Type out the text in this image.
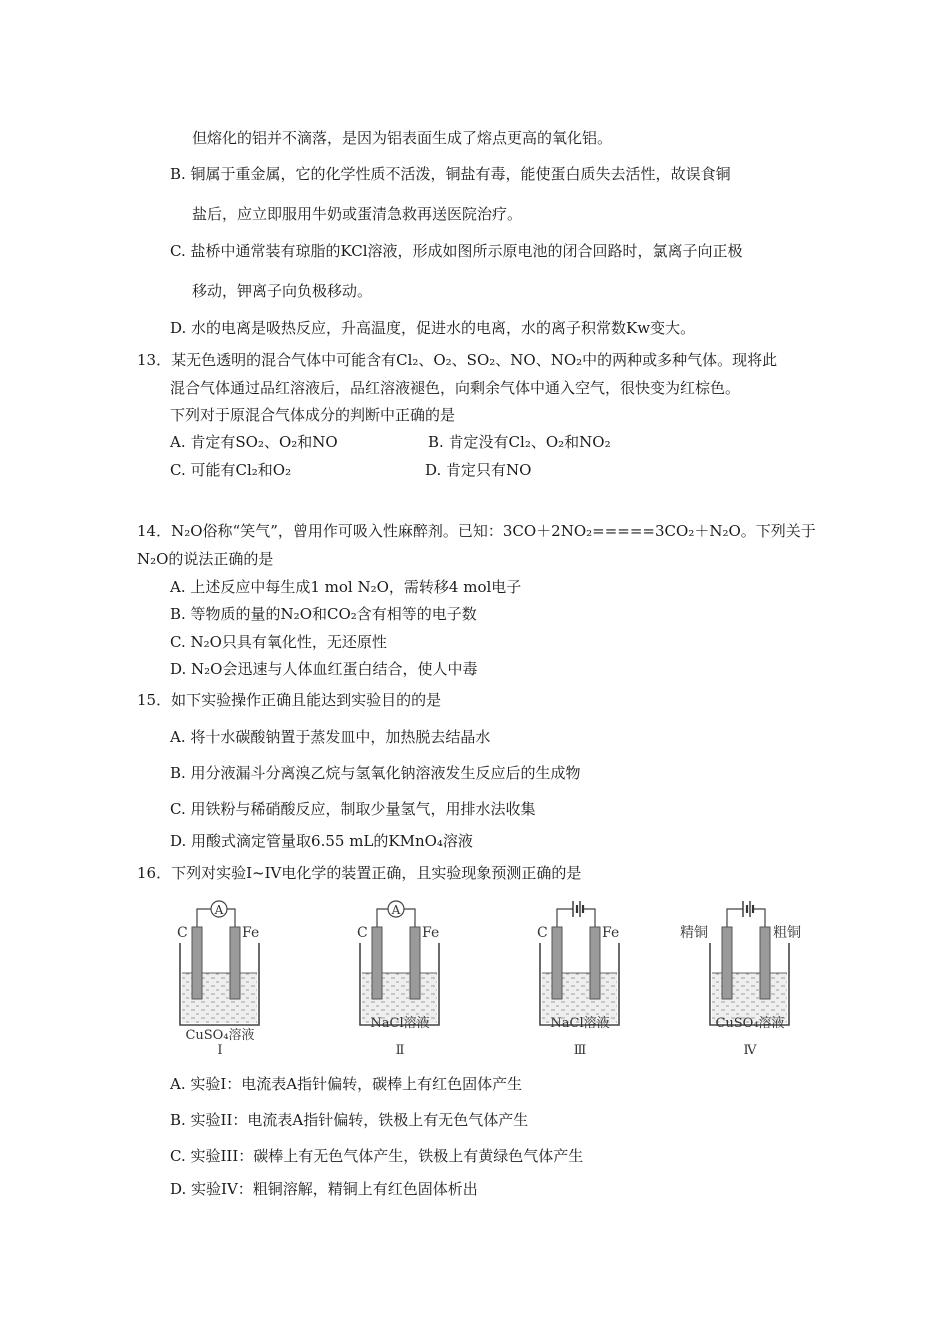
但熔化的铝并不滴落，是因为铝表面生成了熔点更高的氧化铝。
B. 铜属于重金属，它的化学性质不活泼，铜盐有毒，能使蛋白质失去活性，故误食铜
盐后，应立即服用牛奶或蛋清急救再送医院治疗。
C. 盐桥中通常装有琼脂的KCl溶液，形成如图所示原电池的闭合回路时，氯离子向正极
移动，钾离子向负极移动。
D. 水的电离是吸热反应，升高温度，促进水的电离，水的离子积常数Kw变大。
13．某无色透明的混合气体中可能含有Cl₂、O₂、SO₂、NO、NO₂中的两种或多种气体。现将此
混合气体通过品红溶液后，品红溶液褪色，向剩余气体中通入空气，很快变为红棕色。
下列对于原混合气体成分的判断中正确的是
A. 肯定有SO₂、O₂和NO	B. 肯定没有Cl₂、O₂和NO₂
C. 可能有Cl₂和O₂	D. 肯定只有NO
14．N₂O俗称“笑气”，曾用作可吸入性麻醉剂。已知：3CO＋2NO₂=====3CO₂＋N₂O。下列关于
N₂O的说法正确的是
A. 上述反应中每生成1 mol N₂O，需转移4 mol电子
B. 等物质的量的N₂O和CO₂含有相等的电子数
C. N₂O只具有氧化性，无还原性
D. N₂O会迅速与人体血红蛋白结合，使人中毒
15．如下实验操作正确且能达到实验目的的是
A. 将十水碳酸钠置于蒸发皿中，加热脱去结晶水
B. 用分液漏斗分离溴乙烷与氢氧化钠溶液发生反应后的生成物
C. 用铁粉与稀硝酸反应，制取少量氢气，用排水法收集
D. 用酸式滴定管量取6.55 mL的KMnO₄溶液
16．下列对实验I~IV电化学的装置正确，且实验现象预测正确的是
A
C	Fe
CuSO₄溶液
Ⅰ
A
C	Fe
NaCl溶液
Ⅱ
C	Fe
NaCl溶液
Ⅲ
精铜	粗铜
CuSO₄溶液
Ⅳ
A. 实验I：电流表A指针偏转，碳棒上有红色固体产生
B. 实验II：电流表A指针偏转，铁极上有无色气体产生
C. 实验III：碳棒上有无色气体产生，铁极上有黄绿色气体产生
D. 实验IV：粗铜溶解，精铜上有红色固体析出
